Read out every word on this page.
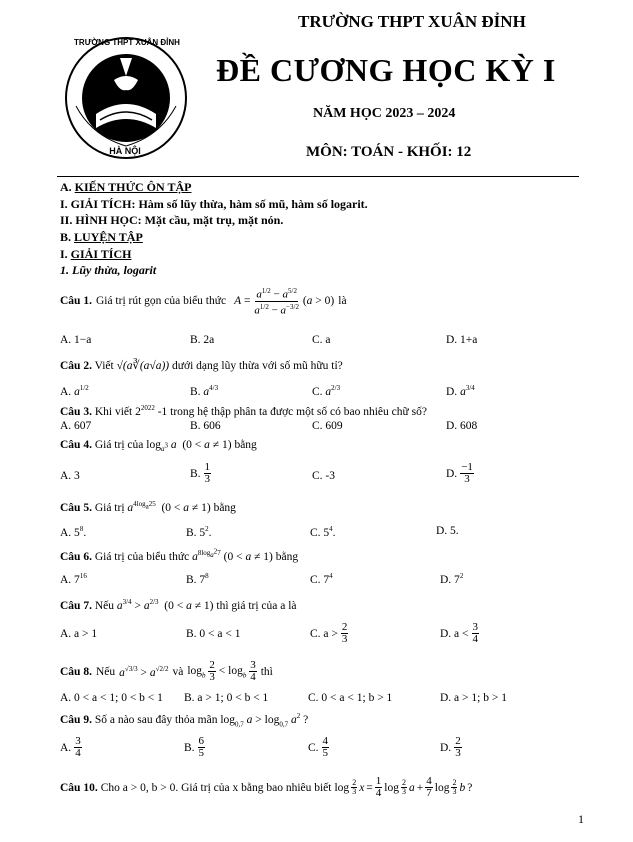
TRƯỜNG THPT XUÂN ĐỈNH
HÀ NỘI
TRƯỜNG THPT XUÂN ĐỈNH
ĐỀ CƯƠNG HỌC KỲ I
NĂM HỌC 2023 – 2024
MÔN: TOÁN - KHỐI: 12
A. KIẾN THỨC ÔN TẬP
I. GIẢI TÍCH: Hàm số lũy thừa, hàm số mũ, hàm số logarit.
II. HÌNH HỌC: Mặt cầu, mặt trụ, mặt nón.
B. LUYỆN TẬP
I. GIẢI TÍCH
1. Lũy thừa, logarit
Câu 1. Giá trị rút gọn của biểu thức $A = \frac{a^{1/2} - a^{5/2}}{a^{1/2} - a^{-3/2}} (a > 0)$ là
A. 1−a	B. 2a	C. a	D. 1+a
Câu 2. Viết √(a∛(a√a)) dưới dạng lũy thừa với số mũ hữu tỉ?
A. $a^{1/2}$	B. $a^{4/3}$	C. $a^{2/3}$	D. $a^{3/4}$
Câu 3. Khi viết $2^{2022}$ -1 trong hệ thập phân ta được một số có bao nhiêu chữ số?
A. 607	B. 606	C. 609	D. 608
Câu 4. Giá trị của $\log_{a^3} a$  (0 < a ≠ 1) bằng
A. 3	B. $\frac{1}{3}$	C. -3	D. $\frac{-1}{3}$
Câu 5. Giá trị $a^{4log_a25}$  (0 < a ≠ 1) bằng
A. $5^8$.	B. $5^2$.	C. $5^4$.	D. 5.
Câu 6. Giá trị của biểu thức $a^{8log_{a^2}7}$ (0 < a ≠ 1) bằng
A. $7^{16}$	B. $7^8$	C. $7^4$	D. $7^2$
Câu 7. Nếu $a^{3/4} > a^{2/3}$  (0 < a ≠ 1) thì giá trị của a là
A. a > 1	B. 0 < a < 1	C. $a > \frac{2}{3}$	D. $a < \frac{3}{4}$
Câu 8. Nếu $a^{√3/3} > a^{√2/2}$ và $\log_b \frac{2}{3} < \log_b \frac{3}{4}$ thì
A. 0 < a < 1; 0 < b < 1 B. a > 1; 0 < b < 1	C. 0 < a < 1; b > 1	D. a > 1; b > 1
Câu 9. Số a nào sau đây thỏa mãn $\log_{0,7} a > \log_{0,7} a^2$ ?
A. $\frac{3}{4}$	B. $\frac{6}{5}$	C. $\frac{4}{5}$	D. $\frac{2}{3}$
Câu 10. Cho a > 0, b > 0. Giá trị của x bằng bao nhiêu biết $\log \frac{2}{3}$ $x = \frac{1}{4}$ $\log \frac{2}{3}$ $a + \frac{4}{7}$ $\log \frac{2}{3}$ b ?
1
